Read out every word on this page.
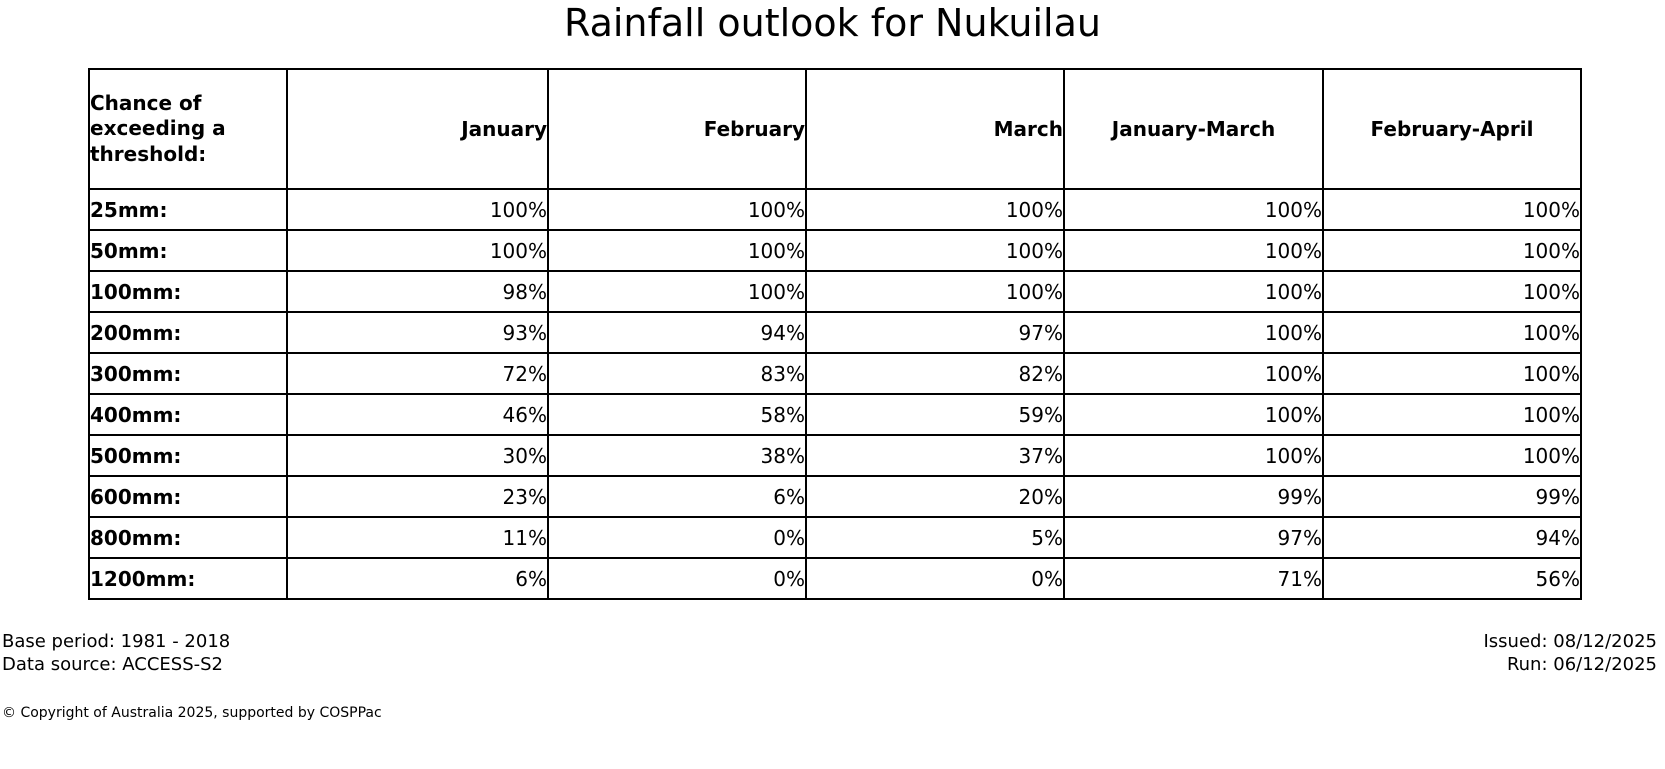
Rainfall outlook for Nukuilau
Chance of exceeding a threshold:	January	February	March	January-March	February-April
25mm:	100%	100%	100%	100%	100%
50mm:	100%	100%	100%	100%	100%
100mm:	98%	100%	100%	100%	100%
200mm:	93%	94%	97%	100%	100%
300mm:	72%	83%	82%	100%	100%
400mm:	46%	58%	59%	100%	100%
500mm:	30%	38%	37%	100%	100%
600mm:	23%	6%	20%	99%	99%
800mm:	11%	0%	5%	97%	94%
1200mm:	6%	0%	0%	71%	56%
Base period: 1981 - 2018
Data source: ACCESS-S2
Issued: 08/12/2025
Run: 06/12/2025
© Copyright of Australia 2025, supported by COSPPac
